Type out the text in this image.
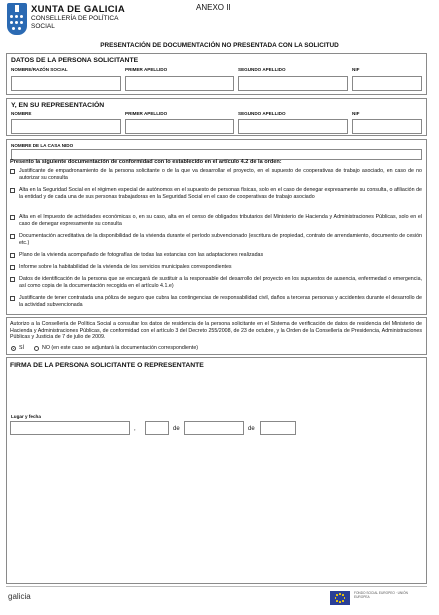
XUNTA DE GALICIA
CONSELLERÍA DE POLÍTICA SOCIAL
ANEXO II
PRESENTACIÓN DE DOCUMENTACIÓN NO PRESENTADA CON LA SOLICITUD
DATOS DE LA PERSONA SOLICITANTE
NOMBRE/RAZÓN SOCIAL	PRIMER APELLIDO	SEGUNDO APELLIDO	NIF
Y, EN SU REPRESENTACIÓN
NOMBRE	PRIMER APELLIDO	SEGUNDO APELLIDO	NIF
NOMBRE DE LA CASA NIDO
Presento la siguiente documentación de conformidad con lo establecido en el artículo 4.2 de la orden:
Justificante de empadronamiento de la persona solicitante o de la que va desarrollar el proyecto, en el supuesto de cooperativas de trabajo asociado, en caso de no autorizar su consulta
Alta en la Seguridad Social en el régimen especial de autónomos en el supuesto de personas físicas, solo en el caso de denegar expresamente su consulta, o afiliación de la entidad y de cada una de sus personas trabajadoras en la Seguridad Social en el caso de cooperativas de trabajo asociado
Alta en el Impuesto de actividades económicas o, en su caso, alta en el censo de obligados tributarios del Ministerio de Hacienda y Administraciones Públicas, solo en el caso de denegar expresamente su consulta
Documentación acreditativa de la disponibilidad de la vivienda durante el período subvencionado (escritura de propiedad, contrato de arrendamiento, documento de cesión etc.)
Plano de la vivienda acompañado de fotografías de todas las estancias con las adaptaciones realizadas
Informe sobre la habitabilidad de la vivienda de los servicios municipales correspondientes
Datos de identificación de la persona que se encargará de sustituir a la responsable del desarrollo del proyecto en los supuestos de ausencia, enfermedad o emergencia, así como copia de la documentación recogida en el artículo 4.1.e)
Justificante de tener contratada una póliza de seguro que cubra las contingencias de responsabilidad civil, daños a terceras personas y accidentes durante el desarrollo de la actividad subvencionada
Autorizo a la Consellería de Política Social a consultar los datos de residencia de la persona solicitante en el Sistema de verificación de datos de residencia del Ministerio de Hacienda y Administraciones Públicas, de conformidad con el artículo 3 del Decreto 255/2008, de 23 de octubre, y la Orden de la Consellería de Presidencia, Administraciones Públicas y Justicia de 7 de julio de 2009.
SÍ	NO (en este caso se adjuntará la documentación correspondiente)
FIRMA DE LA PERSONA SOLICITANTE O REPRESENTANTE
Lugar y fecha
,	de	de
galicia	FONDO SOCIAL EUROPEO · UNIÓN EUROPEA
